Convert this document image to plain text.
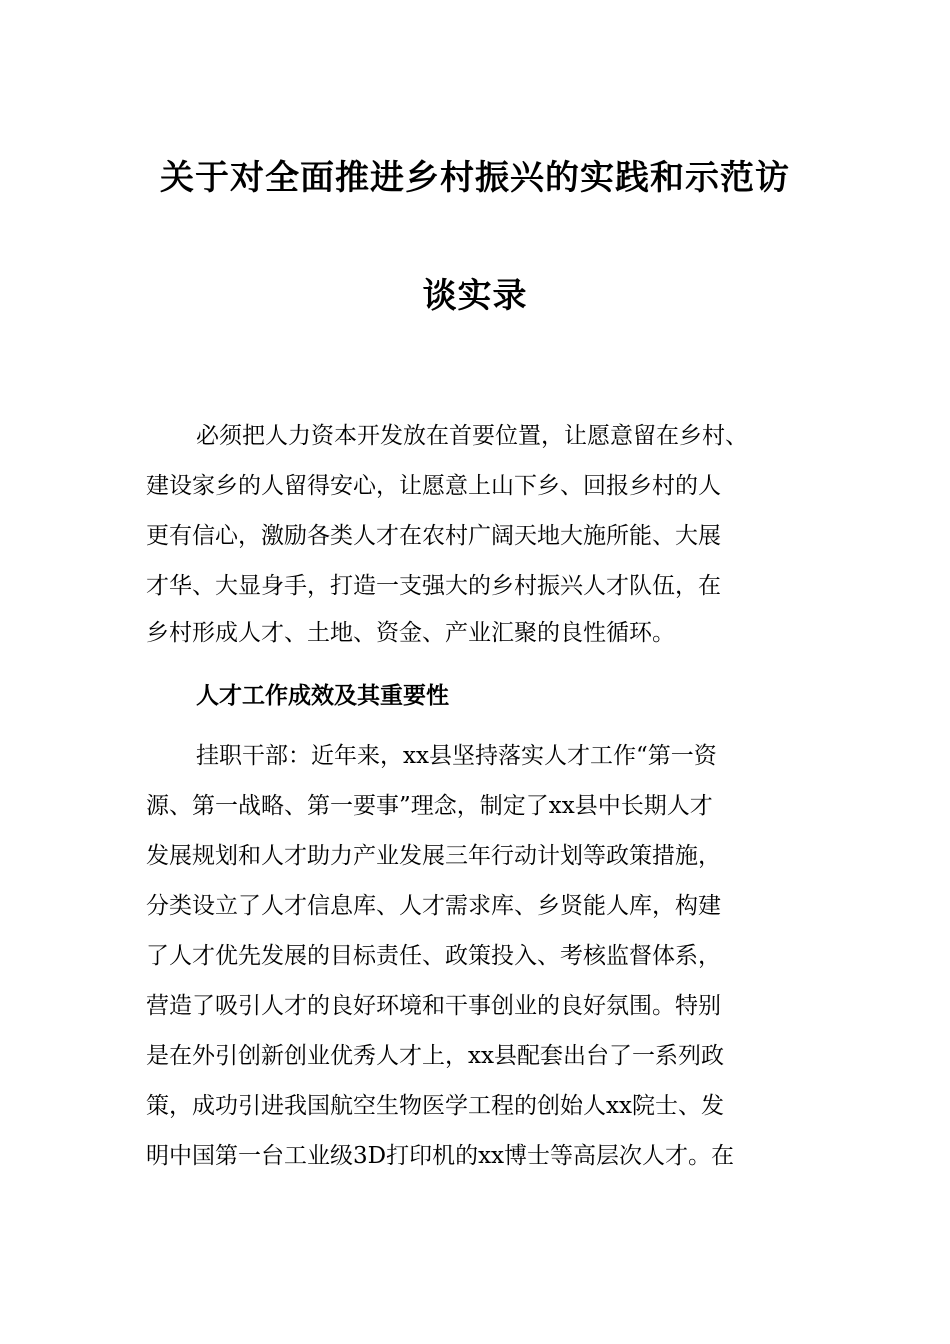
关于对全面推进乡村振兴的实践和示范访
谈实录
必须把人力资本开发放在首要位置，让愿意留在乡村、
建设家乡的人留得安心，让愿意上山下乡、回报乡村的人
更有信心，激励各类人才在农村广阔天地大施所能、大展
才华、大显身手，打造一支强大的乡村振兴人才队伍，在
乡村形成人才、土地、资金、产业汇聚的良性循环。
人才工作成效及其重要性
挂职干部：近年来，xx县坚持落实人才工作“第一资
源、第一战略、第一要事”理念，制定了xx县中长期人才
发展规划和人才助力产业发展三年行动计划等政策措施，
分类设立了人才信息库、人才需求库、乡贤能人库，构建
了人才优先发展的目标责任、政策投入、考核监督体系，
营造了吸引人才的良好环境和干事创业的良好氛围。特别
是在外引创新创业优秀人才上，xx县配套出台了一系列政
策，成功引进我国航空生物医学工程的创始人xx院士、发
明中国第一台工业级3D打印机的xx博士等高层次人才。在
